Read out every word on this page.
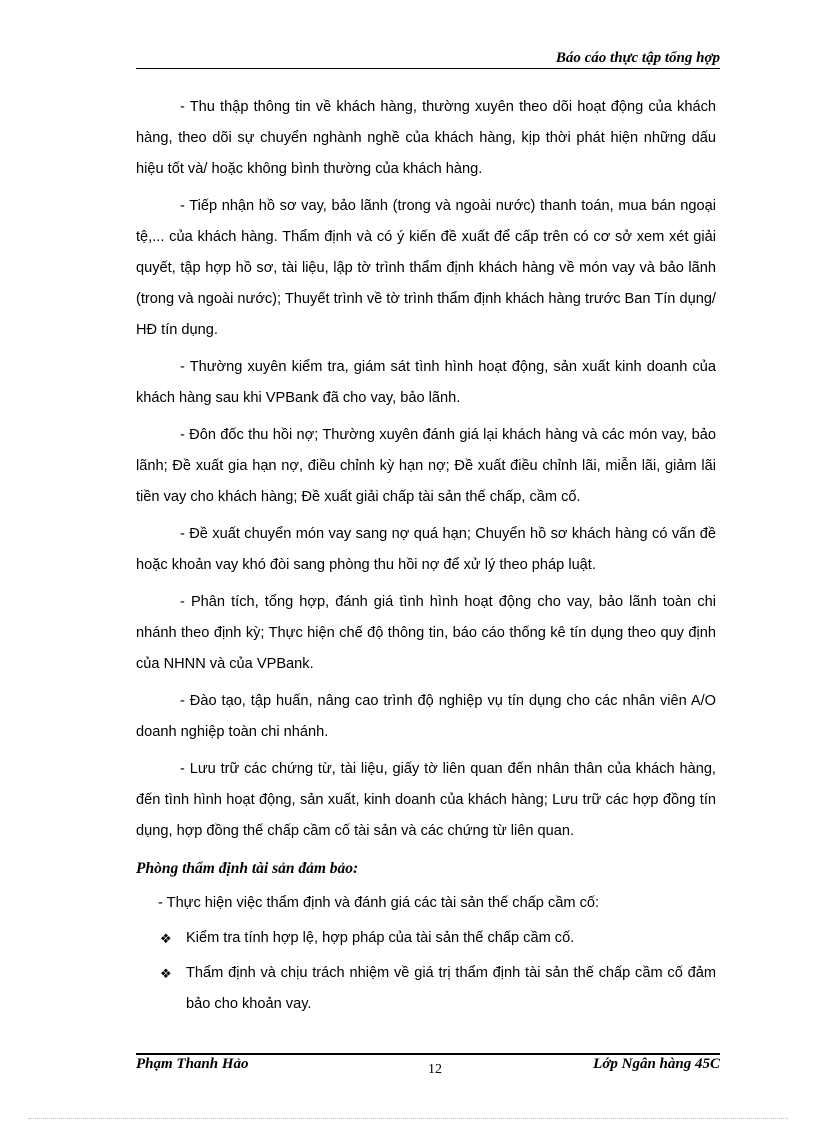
Báo cáo thực tập tổng hợp

- Thu thập thông tin về khách hàng, thường xuyên theo dõi hoạt động của khách hàng, theo dõi sự chuyển nghành nghề của khách hàng, kịp thời phát hiện những dấu hiệu tốt và/ hoặc không bình thường của khách hàng.

- Tiếp nhận hồ sơ vay, bảo lãnh (trong và ngoài nước) thanh toán, mua bán ngoại tệ,... của khách hàng. Thẩm định và có ý kiến đề xuất để cấp trên có cơ sở xem xét giải quyết, tập hợp hồ sơ, tài liệu, lập tờ trình thẩm định khách hàng về món vay và bảo lãnh (trong và ngoài nước); Thuyết trình về tờ trình thẩm định khách hàng trước Ban Tín dụng/ HĐ tín dụng.

- Thường xuyên kiểm tra, giám sát tình hình hoạt động, sản xuất kinh doanh của khách hàng sau khi VPBank đã cho vay, bảo lãnh.

- Đôn đốc thu hồi nợ; Thường xuyên đánh giá lại khách hàng và các món vay, bảo lãnh; Đề xuất gia hạn nợ, điều chỉnh kỳ hạn nợ; Đề xuất điều chỉnh lãi, miễn lãi, giảm lãi tiền vay cho khách hàng; Đề xuất giải chấp tài sản thế chấp, cầm cố.

- Đề xuất chuyển món vay sang nợ quá hạn; Chuyển hồ sơ khách hàng có vấn đề hoặc khoản vay khó đòi sang phòng thu hồi nợ để xử lý theo pháp luật.

- Phân tích, tổng hợp, đánh giá tình hình hoạt động cho vay, bảo lãnh toàn chi nhánh theo định kỳ; Thực hiện chế độ thông tin, báo cáo thống kê tín dụng theo quy định của NHNN và của VPBank.

- Đào tạo, tập huấn, nâng cao trình độ nghiệp vụ tín dụng cho các nhân viên A/O doanh nghiệp toàn chi nhánh.

- Lưu trữ các chứng từ, tài liệu, giấy tờ liên quan đến nhân thân của khách hàng, đến tình hình hoạt động, sản xuất, kinh doanh của khách hàng; Lưu trữ các hợp đồng tín dụng, hợp đồng thế chấp cầm cố tài sản và các chứng từ liên quan.

Phòng thẩm định tài sản đảm bảo:
- Thực hiện việc thẩm định và đánh giá các tài sản thế chấp cầm cố:
❖ Kiểm tra tính hợp lệ, hợp pháp của tài sản thế chấp cầm cố.
❖ Thẩm định và chịu trách nhiệm về giá trị thẩm định tài sản thế chấp cầm cố đảm bảo cho khoản vay.
Phạm Thanh Hảo	12	Lớp Ngân hàng 45C
